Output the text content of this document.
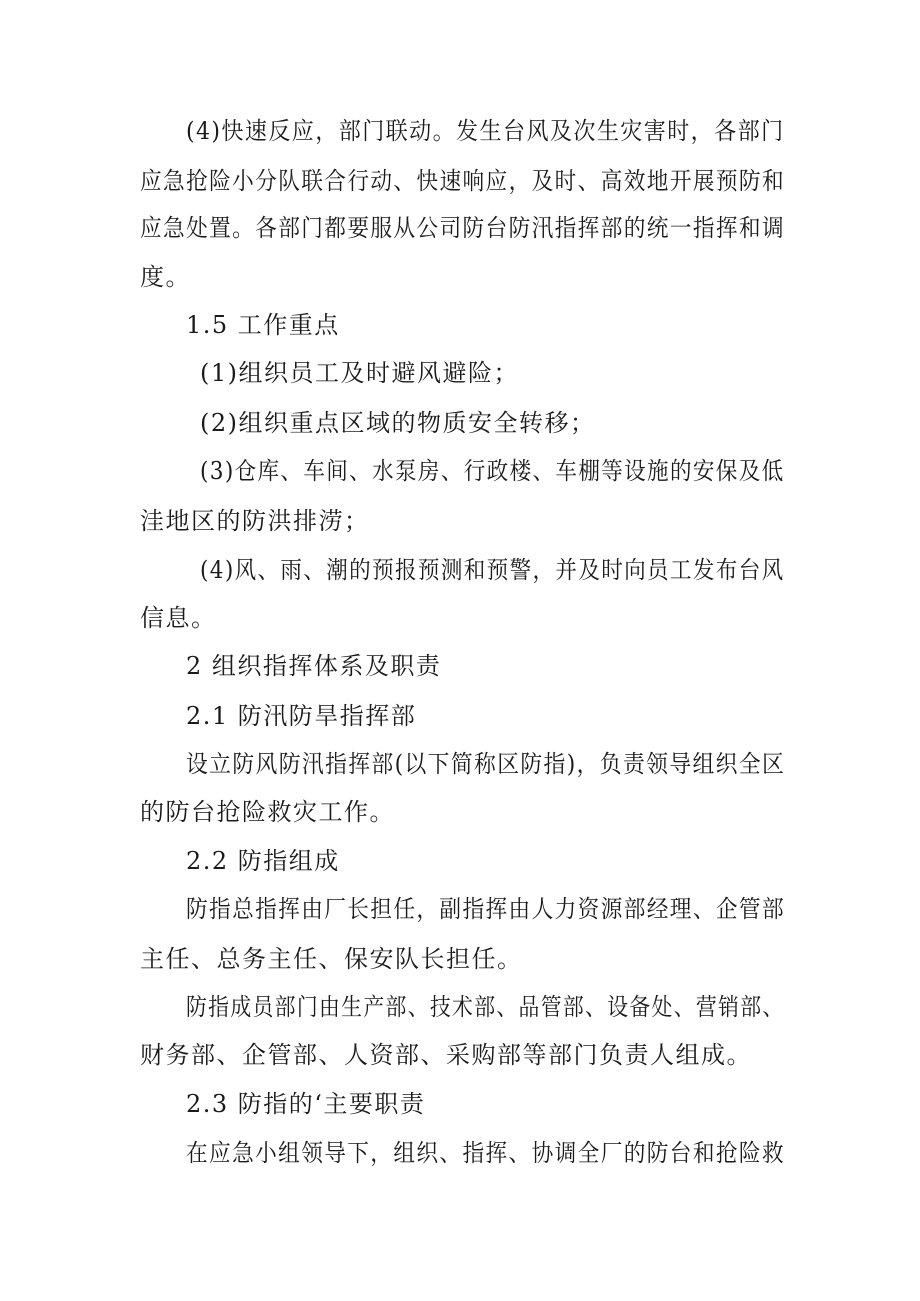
(4)快速反应，部门联动。发生台风及次生灾害时，各部门
应急抢险小分队联合行动、快速响应，及时、高效地开展预防和
应急处置。各部门都要服从公司防台防汛指挥部的统一指挥和调
度。
1.5 工作重点
(1)组织员工及时避风避险；
(2)组织重点区域的物质安全转移；
(3)仓库、车间、水泵房、行政楼、车棚等设施的安保及低
洼地区的防洪排涝；
(4)风、雨、潮的预报预测和预警，并及时向员工发布台风
信息。
2 组织指挥体系及职责
2.1 防汛防旱指挥部
设立防风防汛指挥部(以下简称区防指)，负责领导组织全区
的防台抢险救灾工作。
2.2 防指组成
防指总指挥由厂长担任，副指挥由人力资源部经理、企管部
主任、总务主任、保安队长担任。
防指成员部门由生产部、技术部、品管部、设备处、营销部、
财务部、企管部、人资部、采购部等部门负责人组成。
2.3 防指的‘主要职责
在应急小组领导下，组织、指挥、协调全厂的防台和抢险救
